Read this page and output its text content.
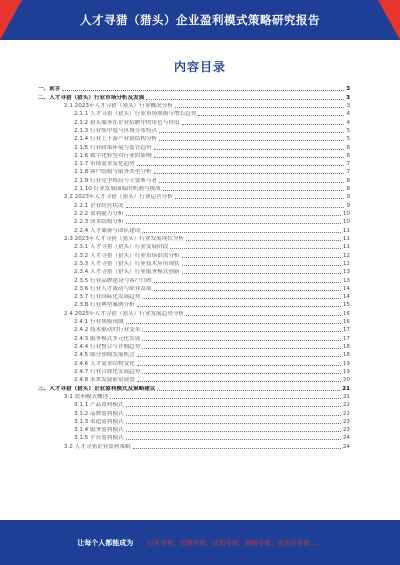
人才寻猎（猎头）企业盈利模式策略研究报告
内容目录
一、前言	3
二、人才寻猎（猎头）行业市场分析及发展	3
2.1 2023年人才寻猎（猎头）行业概况分析	3
2.1.1 人才寻猎（猎头）行业市场规模与增长趋势	4
2.1.2 猎头服务在企业招聘中的角色与价值	4
2.1.3 行业集中度与区域分布特点	5
2.1.4 行业上下游产业链结构分析	5
2.1.5 行业政策环境与监管趋势	6
2.1.6 数字化转型对行业的影响	6
2.1.7 市场需求变化趋势	7
2.1.8 客户结构与服务类型分析	7
2.1.9 行业竞争格局与主要参与者	8
2.1.10 行业发展面临的机遇与挑战	8
2.2 2023年人才寻猎（猎头）行业运营分析	9
2.2.1 企业经营状况	9
2.2.2 盈利能力分析	10
2.2.3 成本结构分析	10
2.2.4 人才储备与团队建设	11
2.3 2023年人才寻猎（猎头）行业发展现状分析	11
2.3.1 人才寻猎（猎头）行业发展阶段	11
2.3.2 人才寻猎（猎头）行业市场供需分析	12
2.3.3 人才寻猎（猎头）行业技术应用现状	12
2.3.4 人才寻猎（猎头）行业服务模式创新	13
2.3.5 行业品牌建设与客户口碑	13
2.3.6 行业人才流动与职业发展	14
2.3.7 行业国际化发展趋势	14
2.3.8 行业典型案例分析	15
2.4 2023年人才寻猎（猎头）行业发展趋势分析	16
2.4.1 行业规模预测	16
2.4.2 技术驱动的行业变革	17
2.4.3 服务模式多元化发展	17
2.4.4 行业整合与并购趋势	18
2.4.5 细分领域发展机会	18
2.4.6 人才需求结构变化	19
2.4.7 行业合规化发展趋势	19
2.4.8 未来发展前景展望	20
三、人才寻猎（猎头）企业盈利模式及策略建议	21
3.1 盈利模式概述	21
3.1.1 产品盈利模式	22
3.1.2 品牌盈利模式	22
3.1.3 渠道盈利模式	23
3.1.4 服务盈利模式	23
3.1.5 平台盈利模式	24
3.2 人才寻猎企业盈利策略	24
让每个人都能成为 行业专家、管理专家、营销专家、战略专家、成功企业家……
